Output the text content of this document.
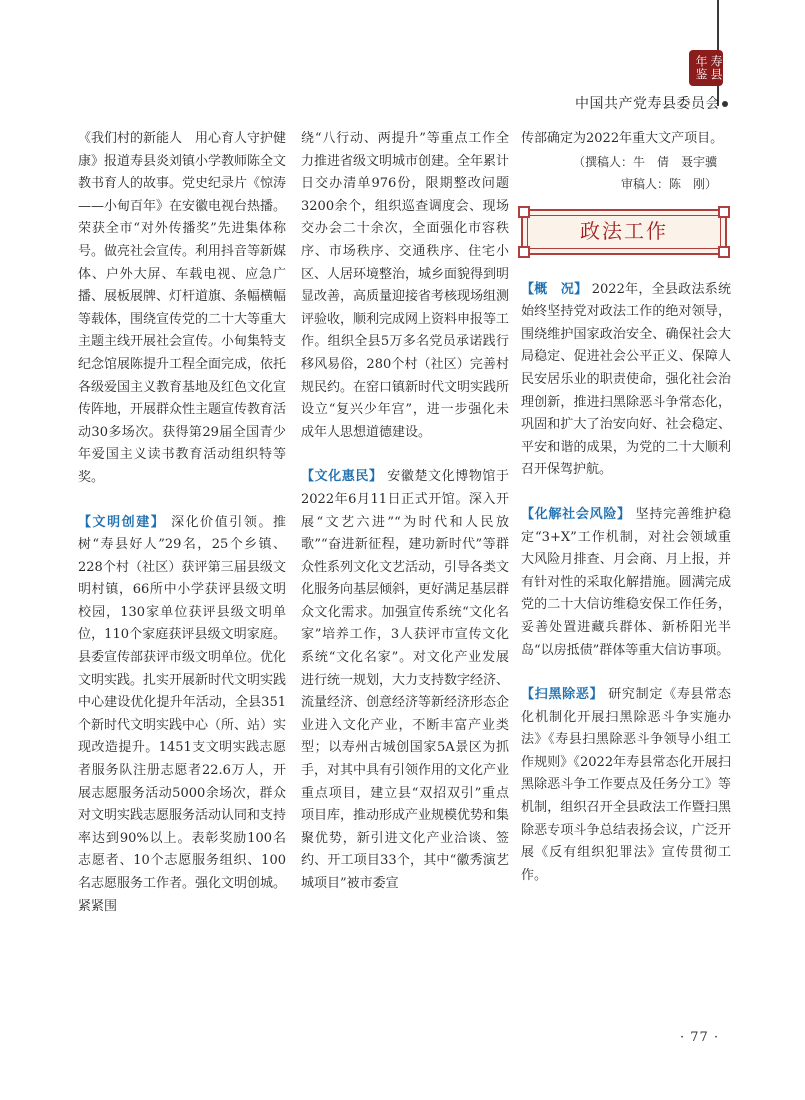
寿县年鉴
中国共产党寿县委员会

《我们村的新能人　用心育人守护健康》报道寿县炎刘镇小学教师陈全文教书育人的故事。党史纪录片《惊涛——小甸百年》在安徽电视台热播。荣获全市“对外传播奖”先进集体称号。做亮社会宣传。利用抖音等新媒体、户外大屏、车载电视、应急广播、展板展牌、灯杆道旗、条幅横幅等载体，围绕宣传党的二十大等重大主题主线开展社会宣传。小甸集特支纪念馆展陈提升工程全面完成，依托各级爱国主义教育基地及红色文化宣传阵地，开展群众性主题宣传教育活动30多场次。获得第29届全国青少年爱国主义读书教育活动组织特等奖。

【文明创建】 深化价值引领。推树“寿县好人”29名，25个乡镇、228个村（社区）获评第三届县级文明村镇，66所中小学获评县级文明校园，130家单位获评县级文明单位，110个家庭获评县级文明家庭。县委宣传部获评市级文明单位。优化文明实践。扎实开展新时代文明实践中心建设优化提升年活动，全县351个新时代文明实践中心（所、站）实现改造提升。1451支文明实践志愿者服务队注册志愿者22.6万人，开展志愿服务活动5000余场次，群众对文明实践志愿服务活动认同和支持率达到90%以上。表彰奖励100名志愿者、10个志愿服务组织、100名志愿服务工作者。强化文明创城。紧紧围

绕“八行动、两提升”等重点工作全力推进省级文明城市创建。全年累计日交办清单976份，限期整改问题3200余个，组织巡查调度会、现场交办会二十余次，全面强化市容秩序、市场秩序、交通秩序、住宅小区、人居环境整治，城乡面貌得到明显改善，高质量迎接省考核现场组测评验收，顺利完成网上资料申报等工作。组织全县5万多名党员承诺践行移风易俗，280个村（社区）完善村规民约。在窑口镇新时代文明实践所设立“复兴少年宫”，进一步强化未成年人思想道德建设。

【文化惠民】 安徽楚文化博物馆于2022年6月11日正式开馆。深入开展“文艺六进”“为时代和人民放歌”“奋进新征程，建功新时代”等群众性系列文化文艺活动，引导各类文化服务向基层倾斜，更好满足基层群众文化需求。加强宣传系统“文化名家”培养工作，3人获评市宣传文化系统“文化名家”。对文化产业发展进行统一规划，大力支持数字经济、流量经济、创意经济等新经济形态企业进入文化产业，不断丰富产业类型；以寿州古城创国家5A景区为抓手，对其中具有引领作用的文化产业重点项目，建立县“双招双引”重点项目库，推动形成产业规模优势和集聚优势，新引进文化产业洽谈、签约、开工项目33个，其中“徽秀演艺城项目”被市委宣

传部确定为2022年重大文产项目。

（撰稿人：牛　倩　聂宇骥
审稿人：陈　刚）
政法工作

【概　况】 2022年，全县政法系统始终坚持党对政法工作的绝对领导，围绕维护国家政治安全、确保社会大局稳定、促进社会公平正义、保障人民安居乐业的职责使命，强化社会治理创新，推进扫黑除恶斗争常态化，巩固和扩大了治安向好、社会稳定、平安和谐的成果，为党的二十大顺利召开保驾护航。

【化解社会风险】 坚持完善维护稳定“3+X”工作机制，对社会领域重大风险月排查、月会商、月上报，并有针对性的采取化解措施。圆满完成党的二十大信访维稳安保工作任务，妥善处置进藏兵群体、新桥阳光半岛“以房抵债”群体等重大信访事项。

【扫黑除恶】 研究制定《寿县常态化机制化开展扫黑除恶斗争实施办法》《寿县扫黑除恶斗争领导小组工作规则》《2022年寿县常态化开展扫黑除恶斗争工作要点及任务分工》等机制，组织召开全县政法工作暨扫黑除恶专项斗争总结表扬会议，广泛开展《反有组织犯罪法》宣传贯彻工作。

· 77 ·
